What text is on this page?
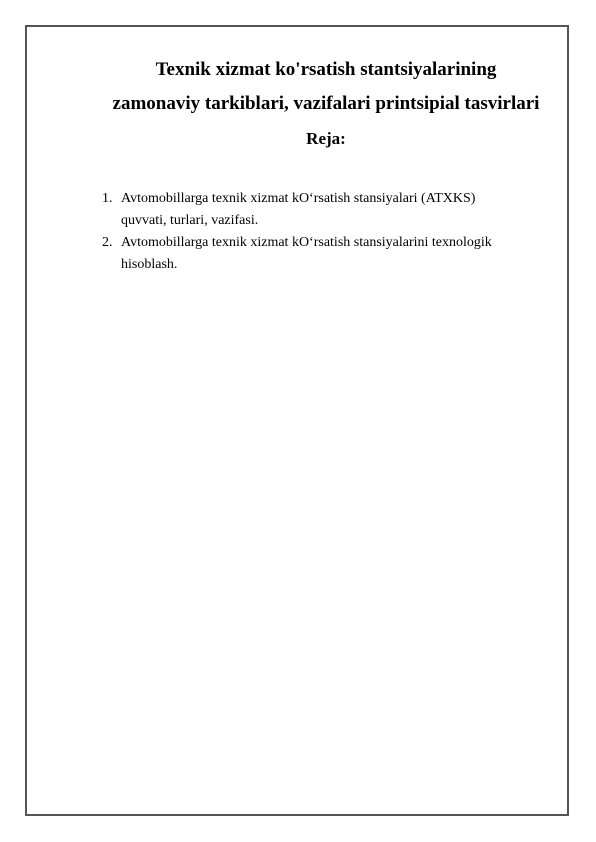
Texnik xizmat ko'rsatish stantsiyalarining
zamonaviy tarkiblari, vazifalari printsipial tasvirlari
Reja:
1. Avtomobillarga texnik xizmat kOʻrsatish stansiyalari (ATXKS)
quvvati, turlari, vazifasi.
2. Avtomobillarga texnik xizmat kOʻrsatish stansiyalarini texnologik
hisoblash.
